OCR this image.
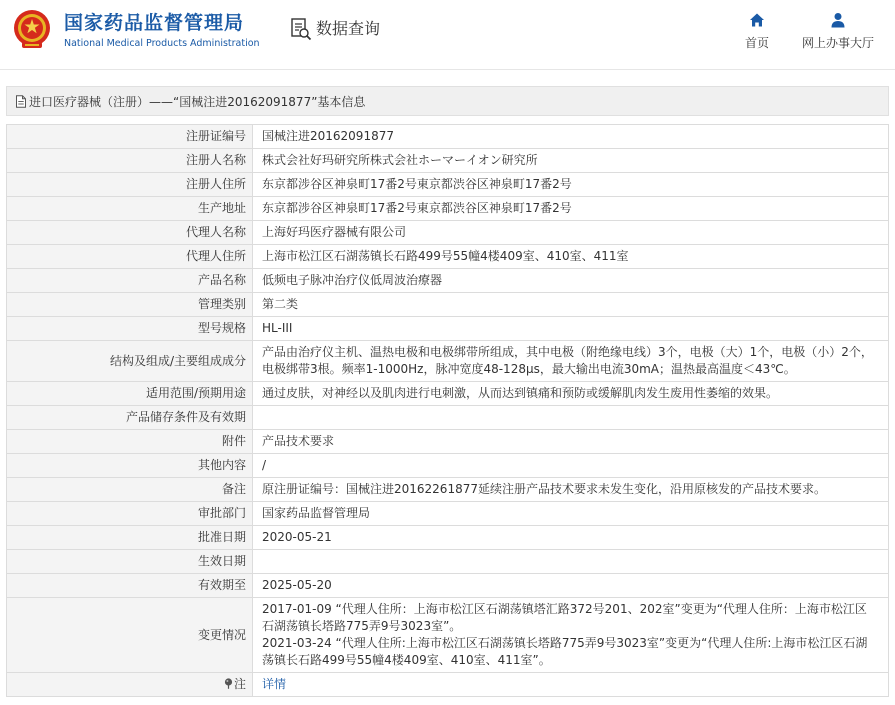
国家药品监督管理局
National Medical Products Administration
数据查询
首页	网上办事大厅
进口医疗器械（注册）——“国械注进20162091877”基本信息
注册证编号	国械注进20162091877
注册人名称	株式会社好玛研究所株式会社ホーマーイオン研究所
注册人住所	东京都涉谷区神泉町17番2号東京都渋谷区神泉町17番2号
生产地址	东京都涉谷区神泉町17番2号東京都渋谷区神泉町17番2号
代理人名称	上海好玛医疗器械有限公司
代理人住所	上海市松江区石湖荡镇长石路499号55幢4楼409室、410室、411室
产品名称	低频电子脉冲治疗仪低周波治療器
管理类别	第二类
型号规格	HL-III
结构及组成/主要组成成分	产品由治疗仪主机、温热电极和电极绑带所组成，其中电极（附绝缘电线）3个，电极（大）1个，电极（小）2个，电极绑带3根。频率1-1000Hz，脉冲宽度48-128μs，最大输出电流30mA；温热最高温度＜43℃。
适用范围/预期用途	通过皮肤，对神经以及肌肉进行电刺激，从而达到镇痛和预防或缓解肌肉发生废用性萎缩的效果。
产品储存条件及有效期	
附件	产品技术要求
其他内容	/
备注	原注册证编号：国械注进20162261877延续注册产品技术要求未发生变化，沿用原核发的产品技术要求。
审批部门	国家药品监督管理局
批准日期	2020-05-21
生效日期	
有效期至	2025-05-20
变更情况	2017-01-09 “代理人住所：上海市松江区石湖荡镇塔汇路372号201、202室”变更为“代理人住所：上海市松江区石湖荡镇长塔路775弄9号3023室”。
2021-03-24 “代理人住所:上海市松江区石湖荡镇长塔路775弄9号3023室”变更为“代理人住所:上海市松江区石湖荡镇长石路499号55幢4楼409室、410室、411室”。

注	详情
